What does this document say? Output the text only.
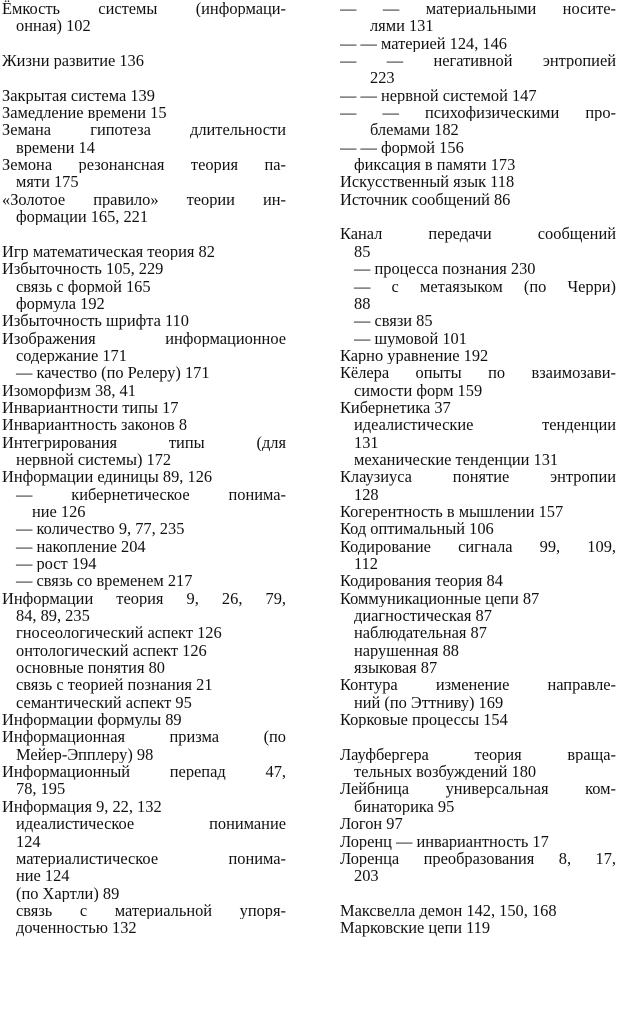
Ёмкость системы (информаци-
онная) 102
Жизни развитие 136
Закрытая система 139
Замедление времени 15
Земана гипотеза длительности
времени 14
Земона резонансная теория па-
мяти 175
«Золотое правило» теории ин-
формации 165, 221
Игр математическая теория 82
Избыточность 105, 229
связь с формой 165
формула 192
Избыточность шрифта 110
Изображения информационное
содержание 171
— качество (по Релеру) 171
Изоморфизм 38, 41
Инвариантности типы 17
Инвариантность законов 8
Интегрирования типы (для
нервной системы) 172
Информации единицы 89, 126
— кибернетическое понима-
ние 126
— количество 9, 77, 235
— накопление 204
— рост 194
— связь со временем 217
Информации теория 9, 26, 79,
84, 89, 235
гносеологический аспект 126
онтологический аспект 126
основные понятия 80
связь с теорией познания 21
семантический аспект 95
Информации формулы 89
Информационная призма (по
Мейер-Эпплеру) 98
Информационный перепад 47,
78, 195
Информация 9, 22, 132
идеалистическое понимание
124
материалистическое понима-
ние 124
(по Хартли) 89
связь с материальной упоря-
доченностью 132
— — материальными носите-
лями 131
— — материей 124, 146
— — негативной энтропией
223
— — нервной системой 147
— — психофизическими про-
блемами 182
— — формой 156
фиксация в памяти 173
Искусственный язык 118
Источник сообщений 86
Канал передачи сообщений
85
— процесса познания 230
— с метаязыком (по Черри)
88
— связи 85
— шумовой 101
Карно уравнение 192
Кёлера опыты по взаимозави-
симости форм 159
Кибернетика 37
идеалистические тенденции
131
механические тенденции 131
Клаузиуса понятие энтропии
128
Когерентность в мышлении 157
Код оптимальный 106
Кодирование сигнала 99, 109,
112
Кодирования теория 84
Коммуникационные цепи 87
диагностическая 87
наблюдательная 87
нарушенная 88
языковая 87
Контура изменение направле-
ний (по Эттниву) 169
Корковые процессы 154
Лауфбергера теория враща-
тельных возбуждений 180
Лейбница универсальная ком-
бинаторика 95
Логон 97
Лоренц — инвариантность 17
Лоренца преобразования 8, 17,
203
Максвелла демон 142, 150, 168
Марковские цепи 119
